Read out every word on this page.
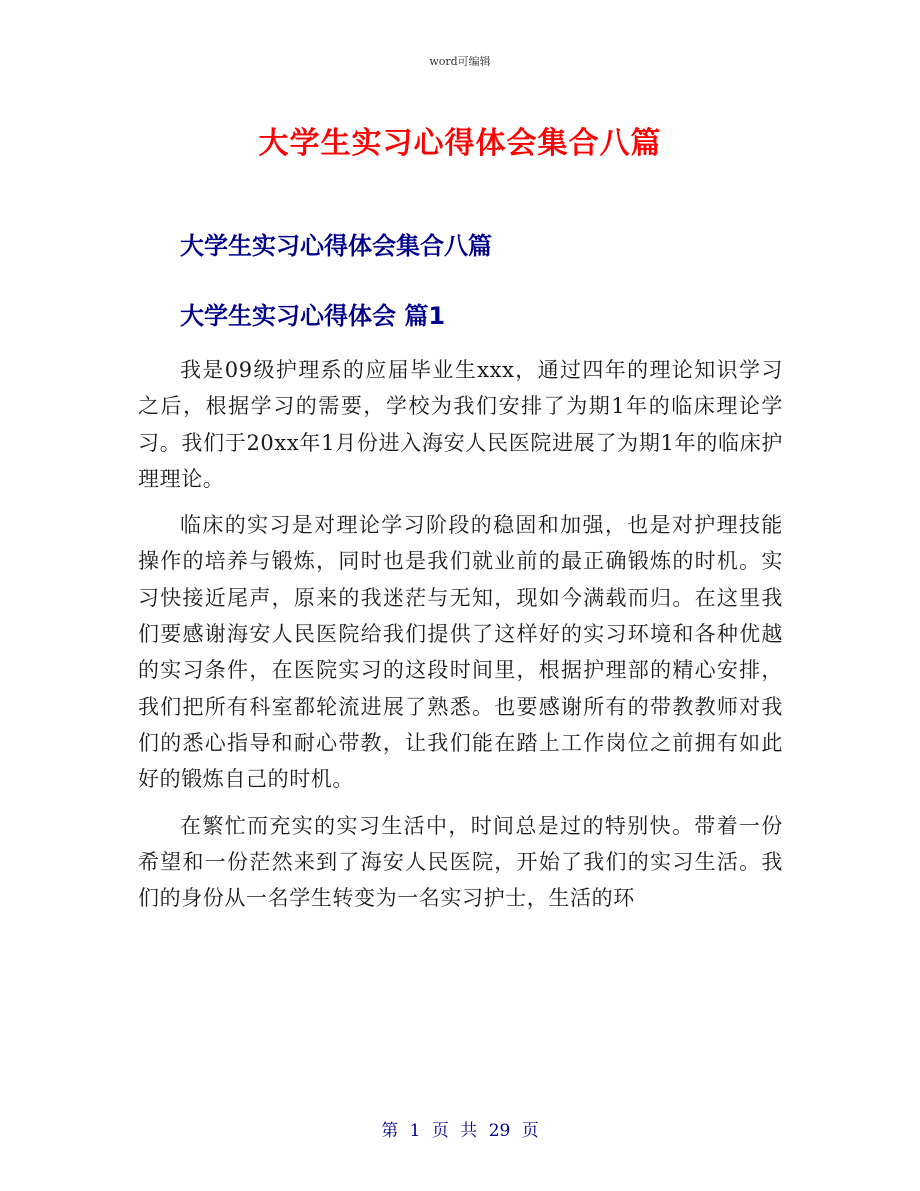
word可编辑
大学生实习心得体会集合八篇
大学生实习心得体会集合八篇
大学生实习心得体会 篇1

我是09级护理系的应届毕业生xxx，通过四年的理论知识学习之后，根据学习的需要，学校为我们安排了为期1年的临床理论学习。我们于20xx年1月份进入海安人民医院进展了为期1年的临床护理理论。

临床的实习是对理论学习阶段的稳固和加强，也是对护理技能操作的培养与锻炼，同时也是我们就业前的最正确锻炼的时机。实习快接近尾声，原来的我迷茫与无知，现如今满载而归。在这里我们要感谢海安人民医院给我们提供了这样好的实习环境和各种优越的实习条件，在医院实习的这段时间里，根据护理部的精心安排，我们把所有科室都轮流进展了熟悉。也要感谢所有的带教教师对我们的悉心指导和耐心带教，让我们能在踏上工作岗位之前拥有如此好的锻炼自己的时机。

在繁忙而充实的实习生活中，时间总是过的特别快。带着一份希望和一份茫然来到了海安人民医院，开始了我们的实习生活。我们的身份从一名学生转变为一名实习护士，生活的环

第 1 页 共 29 页
